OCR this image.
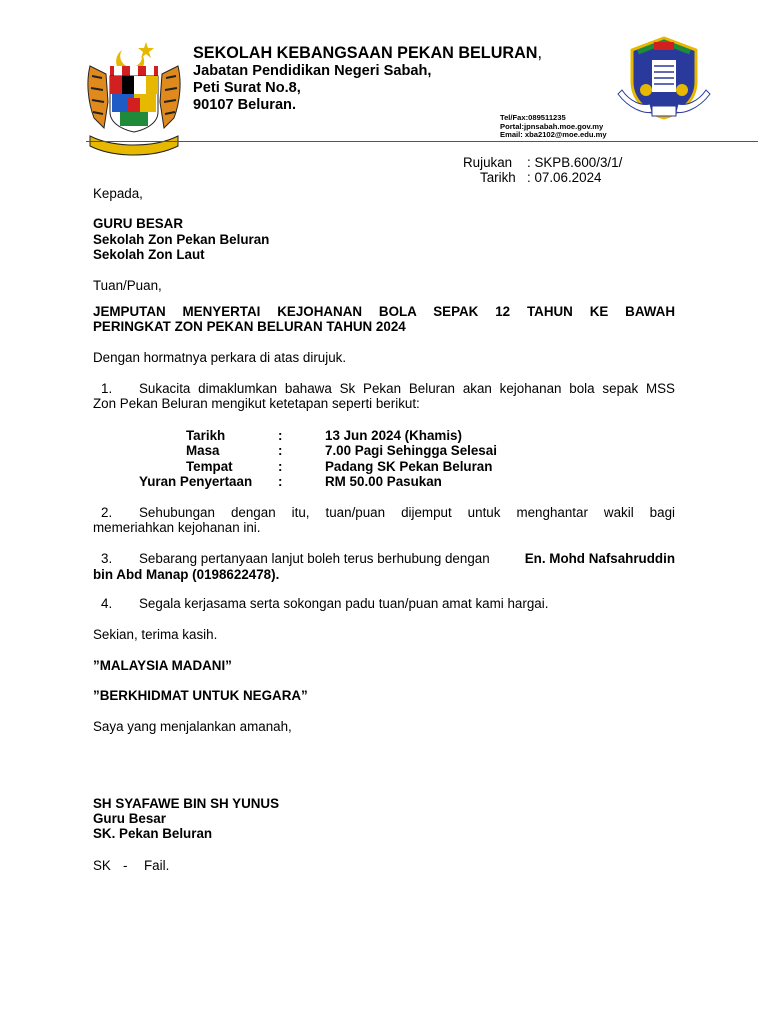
SEKOLAH KEBANGSAAN PEKAN BELURAN,
Jabatan Pendidikan Negeri Sabah,
Peti Surat No.8,
90107 Beluran.
Tel/Fax:089511235
Portal:jpnsabah.moe.gov.my
Email: xba2102@moe.edu.my
Rujukan : SKPB.600/3/1/
Tarikh : 07.06.2024
Kepada,
GURU BESAR
Sekolah Zon Pekan Beluran
Sekolah Zon Laut
Tuan/Puan,
JEMPUTAN MENYERTAI KEJOHANAN BOLA SEPAK 12 TAHUN KE BAWAH
PERINGKAT ZON PEKAN BELURAN TAHUN 2024
Dengan hormatnya perkara di atas dirujuk.
1. Sukacita dimaklumkan bahawa Sk Pekan Beluran akan kejohanan bola sepak MSS
Zon Pekan Beluran mengikut ketetapan seperti berikut:
Tarikh	:	13 Jun 2024 (Khamis)
Masa	:	7.00 Pagi Sehingga Selesai
Tempat	:	Padang SK Pekan Beluran
Yuran Penyertaan :	RM 50.00 Pasukan
2. Sehubungan dengan itu, tuan/puan dijemput untuk menghantar wakil bagi
memeriahkan kejohanan ini.
3.	Sebarang pertanyaan lanjut boleh terus berhubung dengan	En. Mohd Nafsahruddin
bin Abd Manap (0198622478).
4. Segala kerjasama serta sokongan padu tuan/puan amat kami hargai.
Sekian, terima kasih.
”MALAYSIA MADANI”
”BERKHIDMAT UNTUK NEGARA”
Saya yang menjalankan amanah,
SH SYAFAWE BIN SH YUNUS
Guru Besar
SK. Pekan Beluran
SK - Fail.
